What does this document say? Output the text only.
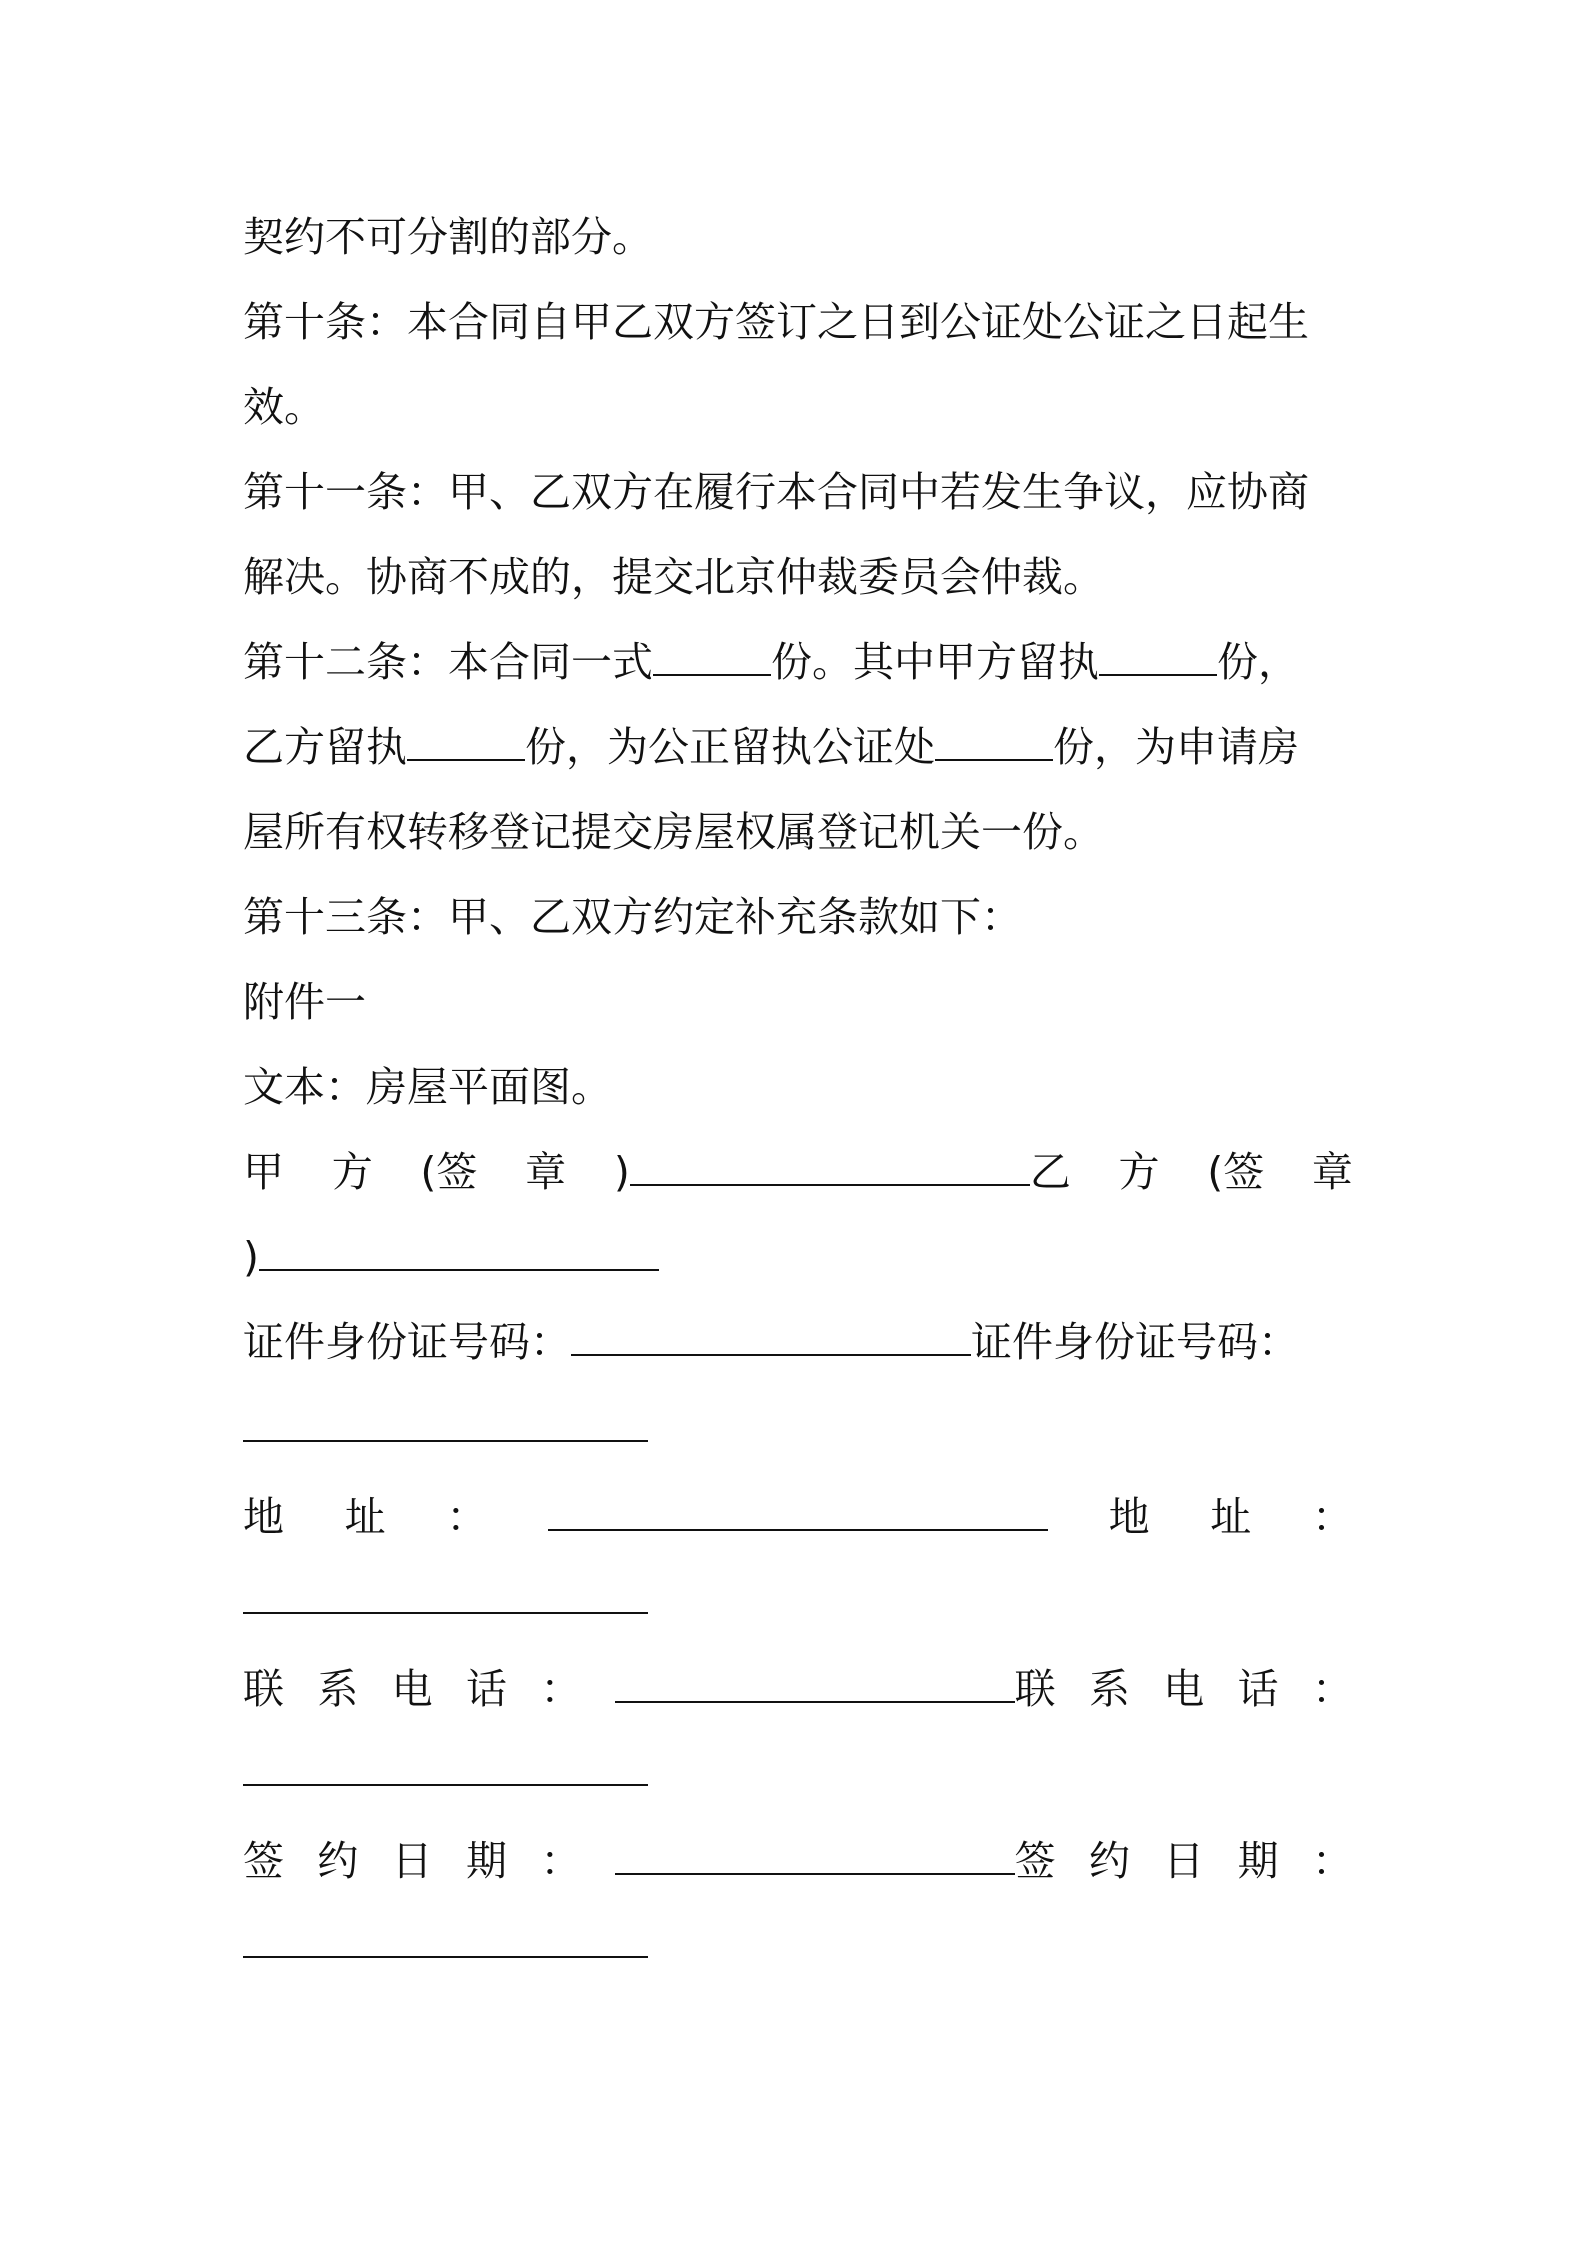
契约不可分割的部分。

第十条：本合同自甲乙双方签订之日到公证处公证之日起生

效。

第十一条：甲、乙双方在履行本合同中若发生争议，应协商

解决。协商不成的，提交北京仲裁委员会仲裁。

第十二条：本合同一式	份。其中甲方留执	份，

乙方留执	份，为公正留执公证处	份，为申请房

屋所有权转移登记提交房屋权属登记机关一份。

第十三条：甲、乙双方约定补充条款如下：

附件一

文本：房屋平面图。

甲 方 (签 章 )	乙 方 (签 章

)

证件身份证号码：	证件身份证号码：

地 址 ：	地 址 ：
联 系 电 话 ：	联 系 电 话 ：
签 约 日 期 ：	签 约 日 期 ：
